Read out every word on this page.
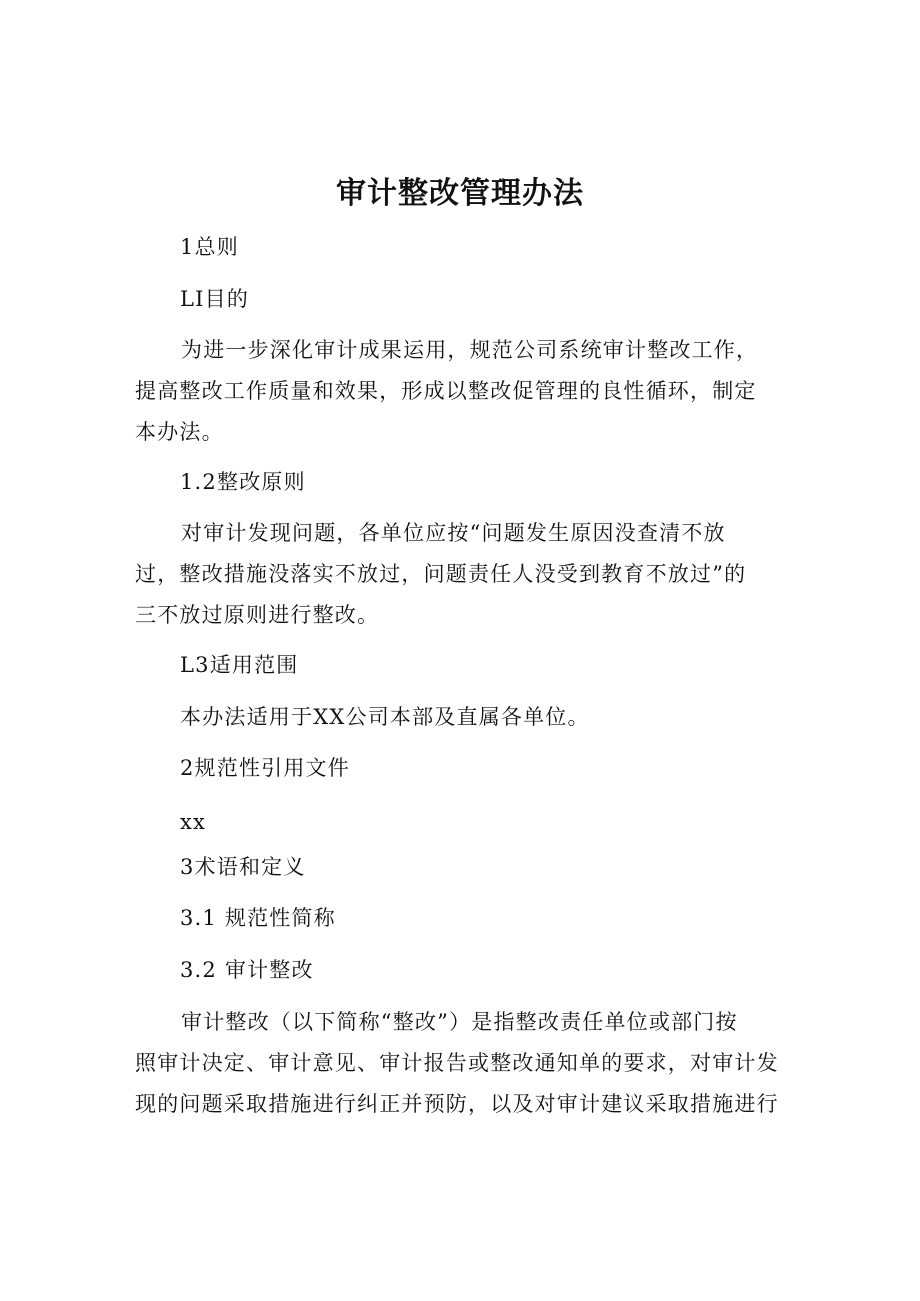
审计整改管理办法
1总则
LI目的
为进一步深化审计成果运用，规范公司系统审计整改工作，
提高整改工作质量和效果，形成以整改促管理的良性循环，制定
本办法。
1.2整改原则
对审计发现问题，各单位应按“问题发生原因没查清不放
过，整改措施没落实不放过，问题责任人没受到教育不放过”的
三不放过原则进行整改。
L3适用范围
本办法适用于XX公司本部及直属各单位。
2规范性引用文件
xx
3术语和定义
3.1 规范性简称
3.2 审计整改
审计整改（以下简称“整改”）是指整改责任单位或部门按
照审计决定、审计意见、审计报告或整改通知单的要求，对审计发
现的问题采取措施进行纠正并预防，以及对审计建议采取措施进行
